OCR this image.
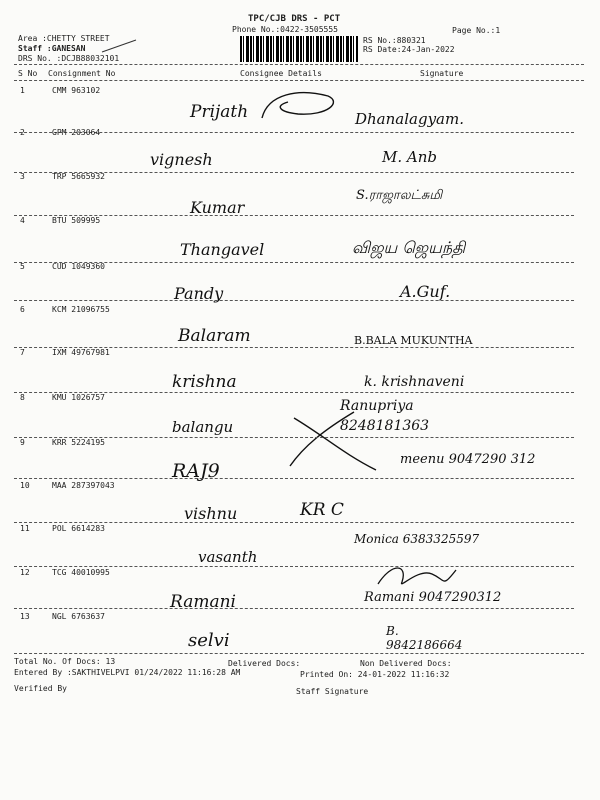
TPC/CJB DRS - PCT
Phone No.:0422-3505555	Page No.:1
Area :CHETTY STREET
Staff :GANESAN
DRS No. :DCJB88032101
RS No.:880321
RS Date:24-Jan-2022
S No Consignment No	Consignee Details	Signature
1	CMM 963102
Prijath	Dhanalagyam.
2	GPM 203064
vignesh	M. Anb
3	TRP 5665932
Kumar
S.ராஜாலட்சுமி
4	BTU 509995
Thangavel	விஜய ஜெயந்தி
5	CUD 1049360
Pandy	A.Guf.
6	KCM 21096755
Balaram	B.BALA MUKUNTHA
7	IXM 49767981
krishna	k. krishnaveni
8	KMU 1026757
balangu
Ranupriya 8248181363
9	KRR 5224195
RAJ9
meenu 9047290 312
10	MAA 287397043
vishnu	KR C
11	POL 6614283
vasanth
Monica 6383325597
12	TCG 40010995
Ramani	Ramani 9047290312
13	NGL 6763637
selvi	B. 9842186664
Total No. Of Docs: 13	Delivered Docs:	Non Delivered Docs:
Entered By :SAKTHIVELPVI 01/24/2022 11:16:28 AM	Printed On: 24-01-2022 11:16:32
Verified By	Staff Signature
